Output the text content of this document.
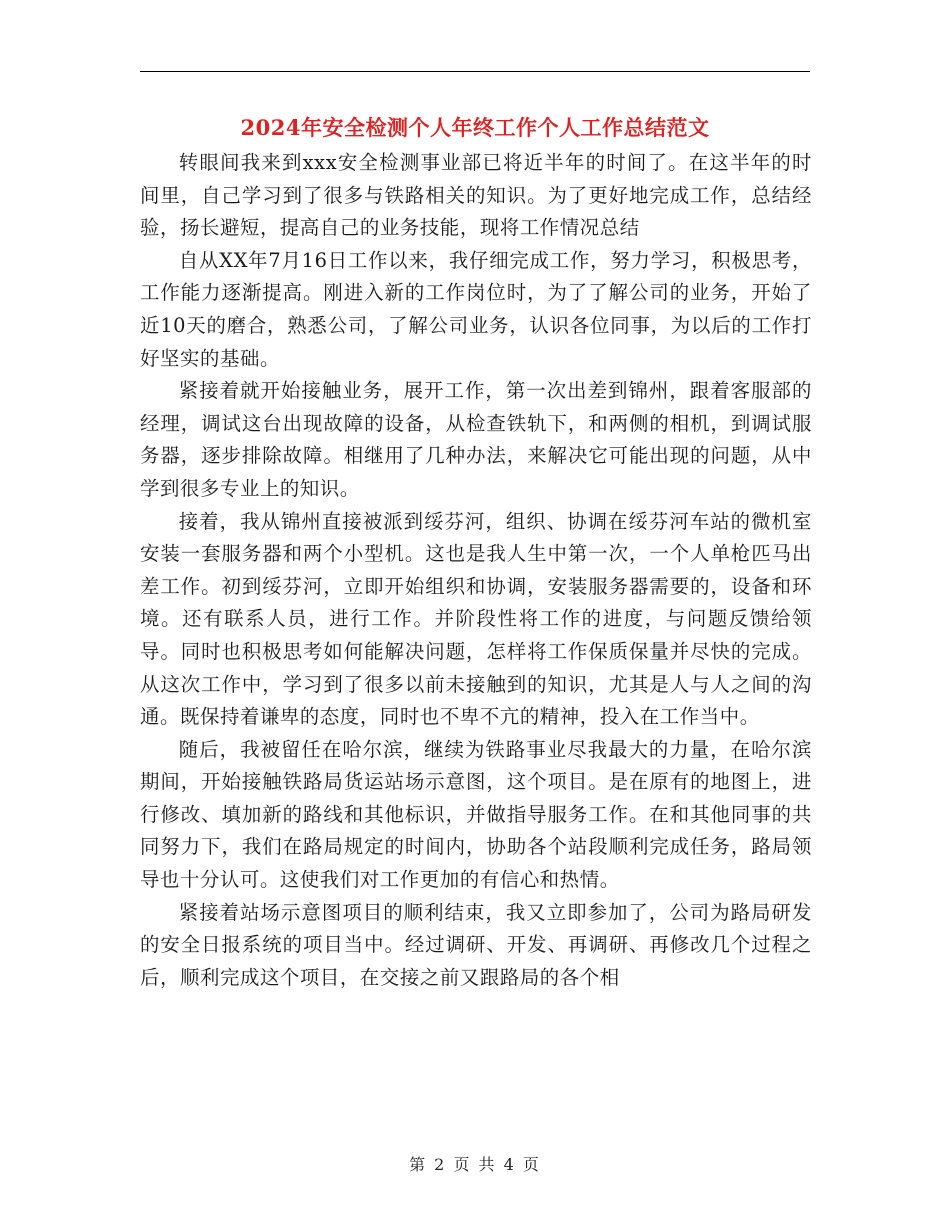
2024年安全检测个人年终工作个人工作总结范文

转眼间我来到xxx安全检测事业部已将近半年的时间了。在这半年的时间里，自己学习到了很多与铁路相关的知识。为了更好地完成工作，总结经验，扬长避短，提高自己的业务技能，现将工作情况总结

自从XX年7月16日工作以来，我仔细完成工作，努力学习，积极思考，工作能力逐渐提高。刚进入新的工作岗位时，为了了解公司的业务，开始了近10天的磨合，熟悉公司，了解公司业务，认识各位同事，为以后的工作打好坚实的基础。

紧接着就开始接触业务，展开工作，第一次出差到锦州，跟着客服部的经理，调试这台出现故障的设备，从检查铁轨下，和两侧的相机，到调试服务器，逐步排除故障。相继用了几种办法，来解决它可能出现的问题，从中学到很多专业上的知识。

接着，我从锦州直接被派到绥芬河，组织、协调在绥芬河车站的微机室安装一套服务器和两个小型机。这也是我人生中第一次，一个人单枪匹马出差工作。初到绥芬河，立即开始组织和协调，安装服务器需要的，设备和环境。还有联系人员，进行工作。并阶段性将工作的进度，与问题反馈给领导。同时也积极思考如何能解决问题，怎样将工作保质保量并尽快的完成。从这次工作中，学习到了很多以前未接触到的知识，尤其是人与人之间的沟通。既保持着谦卑的态度，同时也不卑不亢的精神，投入在工作当中。

随后，我被留任在哈尔滨，继续为铁路事业尽我最大的力量，在哈尔滨期间，开始接触铁路局货运站场示意图，这个项目。是在原有的地图上，进行修改、填加新的路线和其他标识，并做指导服务工作。在和其他同事的共同努力下，我们在路局规定的时间内，协助各个站段顺利完成任务，路局领导也十分认可。这使我们对工作更加的有信心和热情。

紧接着站场示意图项目的顺利结束，我又立即参加了，公司为路局研发的安全日报系统的项目当中。经过调研、开发、再调研、再修改几个过程之后，顺利完成这个项目，在交接之前又跟路局的各个相

第 2 页 共 4 页
